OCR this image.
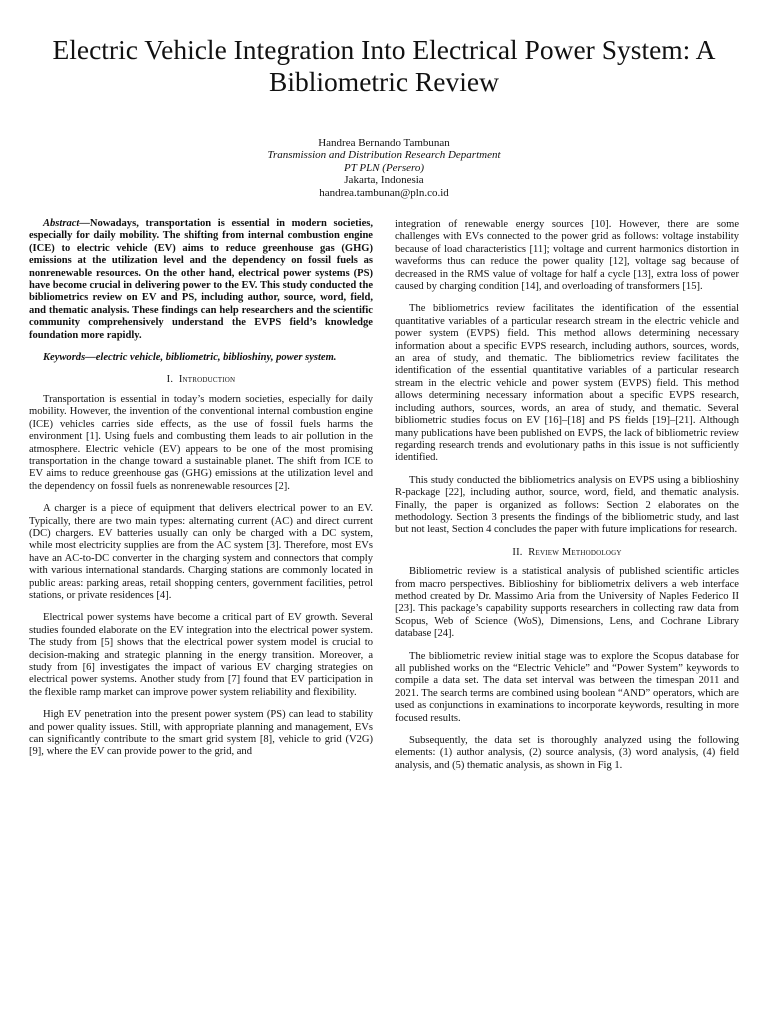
Electric Vehicle Integration Into Electrical Power System: A Bibliometric Review
Handrea Bernando Tambunan
Transmission and Distribution Research Department
PT PLN (Persero)
Jakarta, Indonesia
handrea.tambunan@pln.co.id

Abstract—Nowadays, transportation is essential in modern societies, especially for daily mobility. The shifting from internal combustion engine (ICE) to electric vehicle (EV) aims to reduce greenhouse gas (GHG) emissions at the utilization level and the dependency on fossil fuels as nonrenewable resources. On the other hand, electrical power systems (PS) have become crucial in delivering power to the EV. This study conducted the bibliometrics review on EV and PS, including author, source, word, field, and thematic analysis. These findings can help researchers and the scientific community comprehensively understand the EVPS field’s knowledge foundation more rapidly.

Keywords—electric vehicle, bibliometric, biblioshiny, power system.

I. Introduction

Transportation is essential in today’s modern societies, especially for daily mobility. However, the invention of the conventional internal combustion engine (ICE) vehicles carries side effects, as the use of fossil fuels harms the environment [1]. Using fuels and combusting them leads to air pollution in the atmosphere. Electric vehicle (EV) appears to be one of the most promising transportation in the change toward a sustainable planet. The shift from ICE to EV aims to reduce greenhouse gas (GHG) emissions at the utilization level and the dependency on fossil fuels as nonrenewable resources [2].

A charger is a piece of equipment that delivers electrical power to an EV. Typically, there are two main types: alternating current (AC) and direct current (DC) chargers. EV batteries usually can only be charged with a DC system, while most electricity supplies are from the AC system [3]. Therefore, most EVs have an AC-to-DC converter in the charging system and connectors that comply with various international standards. Charging stations are commonly located in public areas: parking areas, retail shopping centers, government facilities, petrol stations, or private residences [4].

Electrical power systems have become a critical part of EV growth. Several studies founded elaborate on the EV integration into the electrical power system. The study from [5] shows that the electrical power system model is crucial to decision-making and strategic planning in the energy transition. Moreover, a study from [6] investigates the impact of various EV charging strategies on electrical power systems. Another study from [7] found that EV participation in the flexible ramp market can improve power system reliability and flexibility.

High EV penetration into the present power system (PS) can lead to stability and power quality issues. Still, with appropriate planning and management, EVs can significantly contribute to the smart grid system [8], vehicle to grid (V2G) [9], where the EV can provide power to the grid, and

integration of renewable energy sources [10]. However, there are some challenges with EVs connected to the power grid as follows: voltage instability because of load characteristics [11]; voltage and current harmonics distortion in waveforms thus can reduce the power quality [12], voltage sag because of decreased in the RMS value of voltage for half a cycle [13], extra loss of power caused by charging condition [14], and overloading of transformers [15].

The bibliometrics review facilitates the identification of the essential quantitative variables of a particular research stream in the electric vehicle and power system (EVPS) field. This method allows determining necessary information about a specific EVPS research, including authors, sources, words, an area of study, and thematic. The bibliometrics review facilitates the identification of the essential quantitative variables of a particular research stream in the electric vehicle and power system (EVPS) field. This method allows determining necessary information about a specific EVPS research, including authors, sources, words, an area of study, and thematic. Several bibliometric studies focus on EV [16]–[18] and PS fields [19]–[21]. Although many publications have been published on EVPS, the lack of bibliometric review regarding research trends and evolutionary paths in this issue is not sufficiently identified.

This study conducted the bibliometrics analysis on EVPS using a biblioshiny R-package [22], including author, source, word, field, and thematic analysis. Finally, the paper is organized as follows: Section 2 elaborates on the methodology. Section 3 presents the findings of the bibliometric study, and last but not least, Section 4 concludes the paper with future implications for research.

II. Review Methodology

Bibliometric review is a statistical analysis of published scientific articles from macro perspectives. Biblioshiny for bibliometrix delivers a web interface method created by Dr. Massimo Aria from the University of Naples Federico II [23]. This package’s capability supports researchers in collecting raw data from Scopus, Web of Science (WoS), Dimensions, Lens, and Cochrane Library database [24].

The bibliometric review initial stage was to explore the Scopus database for all published works on the “Electric Vehicle” and “Power System” keywords to compile a data set. The data set interval was between the timespan 2011 and 2021. The search terms are combined using boolean “AND” operators, which are used as conjunctions in examinations to incorporate keywords, resulting in more focused results.

Subsequently, the data set is thoroughly analyzed using the following elements: (1) author analysis, (2) source analysis, (3) word analysis, (4) field analysis, and (5) thematic analysis, as shown in Fig 1.
